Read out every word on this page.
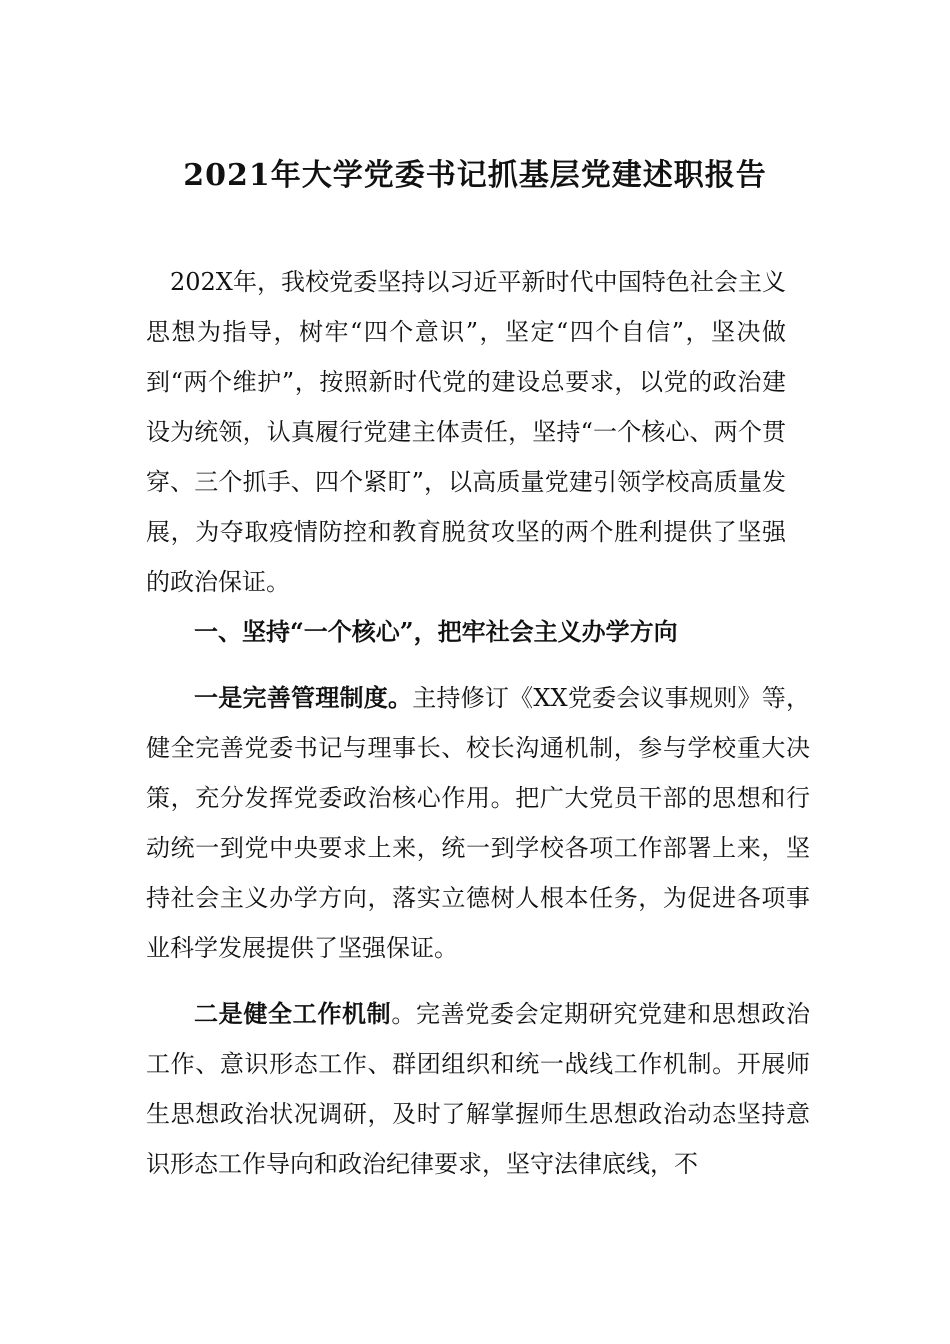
2021年大学党委书记抓基层党建述职报告

202X年，我校党委坚持以习近平新时代中国特色社会主义思想为指导，树牢“四个意识”，坚定“四个自信”，坚决做到“两个维护”，按照新时代党的建设总要求，以党的政治建设为统领，认真履行党建主体责任，坚持“一个核心、两个贯穿、三个抓手、四个紧盯”，以高质量党建引领学校高质量发展，为夺取疫情防控和教育脱贫攻坚的两个胜利提供了坚强的政治保证。

一、坚持“一个核心”，把牢社会主义办学方向

一是完善管理制度。主持修订《XX党委会议事规则》等，健全完善党委书记与理事长、校长沟通机制，参与学校重大决策，充分发挥党委政治核心作用。把广大党员干部的思想和行动统一到党中央要求上来，统一到学校各项工作部署上来，坚持社会主义办学方向，落实立德树人根本任务，为促进各项事业科学发展提供了坚强保证。

二是健全工作机制。完善党委会定期研究党建和思想政治工作、意识形态工作、群团组织和统一战线工作机制。开展师生思想政治状况调研，及时了解掌握师生思想政治动态坚持意识形态工作导向和政治纪律要求，坚守法律底线，不
